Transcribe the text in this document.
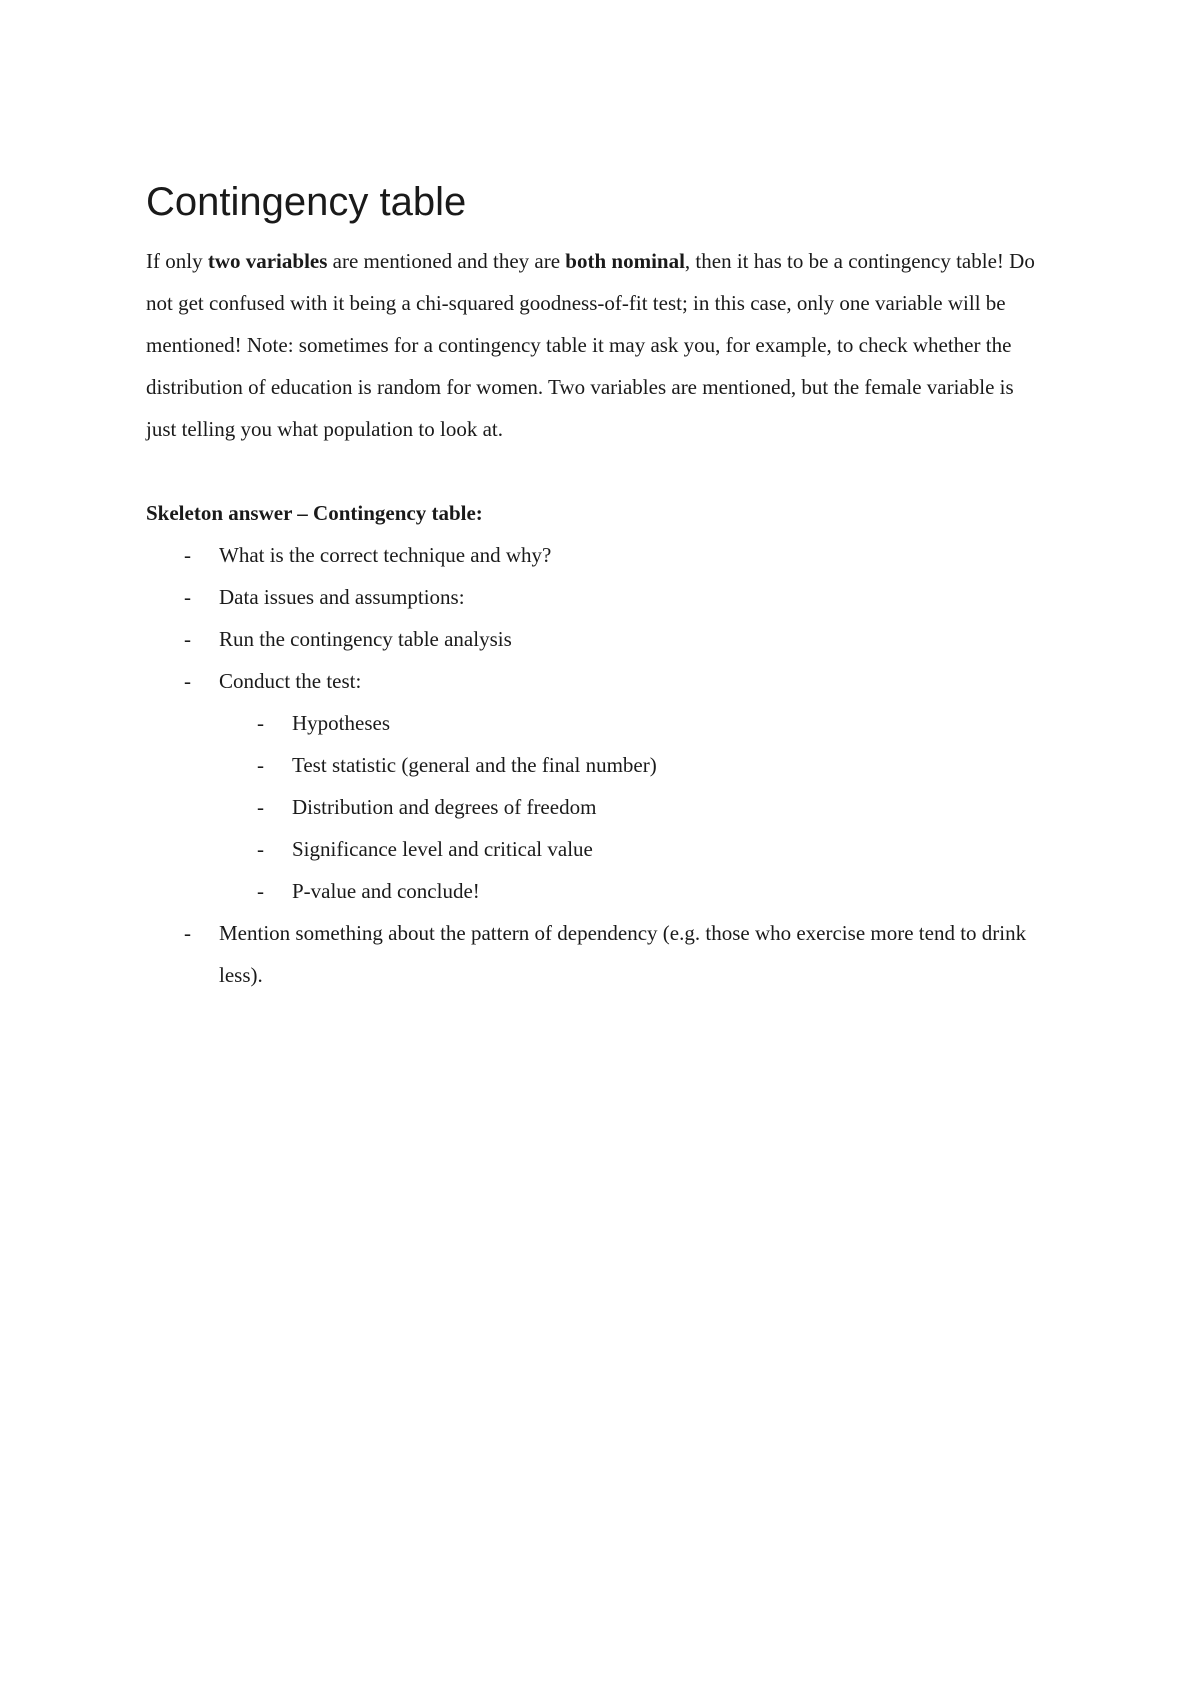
Contingency table

If only two variables are mentioned and they are both nominal, then it has to be a contingency table! Do not get confused with it being a chi-squared goodness-of-fit test; in this case, only one variable will be mentioned! Note: sometimes for a contingency table it may ask you, for example, to check whether the distribution of education is random for women. Two variables are mentioned, but the female variable is just telling you what population to look at.

Skeleton answer – Contingency table:

- What is the correct technique and why?
- Data issues and assumptions:
- Run the contingency table analysis
- Conduct the test:
- Hypotheses
- Test statistic (general and the final number)
- Distribution and degrees of freedom
- Significance level and critical value
- P-value and conclude!
- Mention something about the pattern of dependency (e.g. those who exercise more tend to drink less).
